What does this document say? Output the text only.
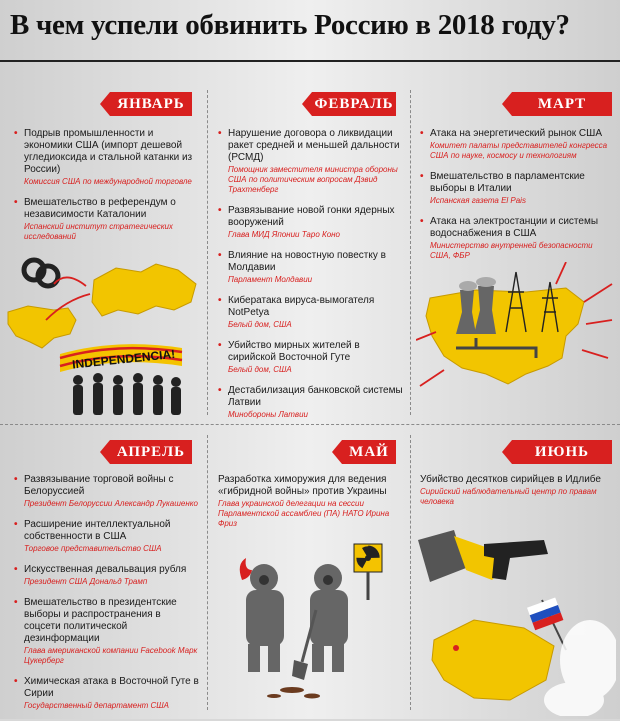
В чем успели обвинить Россию в 2018 году?
ЯНВАРЬ	ФЕВРАЛЬ	МАРТ
АПРЕЛЬ	МАЙ	ИЮНЬ
• Подрыв промышленности и экономики США (импорт дешевой угледиоксида и стальной катанки из России)
Комиссия США по международной торговле
• Вмешательство в референдум о независимости Каталонии
Испанский институт стратегических исследований
• Нарушение договора о ликвидации ракет средней и меньшей дальности (РСМД)
Помощник заместителя министра обороны США по политическим вопросам Дэвид Трахтенберг
• Развязывание новой гонки ядерных вооружений
Глава МИД Японии Таро Коно
• Влияние на новостную повестку в Молдавии
Парламент Молдавии
• Кибератака вируса-вымогателя NotPetya
Белый дом, США
• Убийство мирных жителей в сирийской Восточной Гуте
Белый дом, США
• Дестабилизация банковской системы Латвии
Минобороны Латвии
• Атака на энергетический рынок США
Комитет палаты представителей конгресса США по науке, космосу и технологиям
• Вмешательство в парламентские выборы в Италии
Испанская газета El Pais
• Атака на электростанции и системы водоснабжения в США
Министерство внутренней безопасности США, ФБР
• Развязывание торговой войны с Белоруссией
Президент Белоруссии Александр Лукашенко
• Расширение интеллектуальной собственности в США
Торговое представительство США
• Искусственная девальвация рубля
Президент США Дональд Трамп
• Вмешательство в президентские выборы и распространения в соцсети политической дезинформации
Глава американской компании Facebook Марк Цукерберг
• Химическая атака в Восточной Гуте в Сирии
Государственный департамент США
Разработка химоружия для ведения «гибридной войны» против Украины
Глава украинской делегации на сессии Парламентской ассамблеи (ПА) НАТО Ирина Фриз
Убийство десятков сирийцев в Идлибе
Сирийский наблюдательный центр по правам человека
INDEPENDENCIA!
